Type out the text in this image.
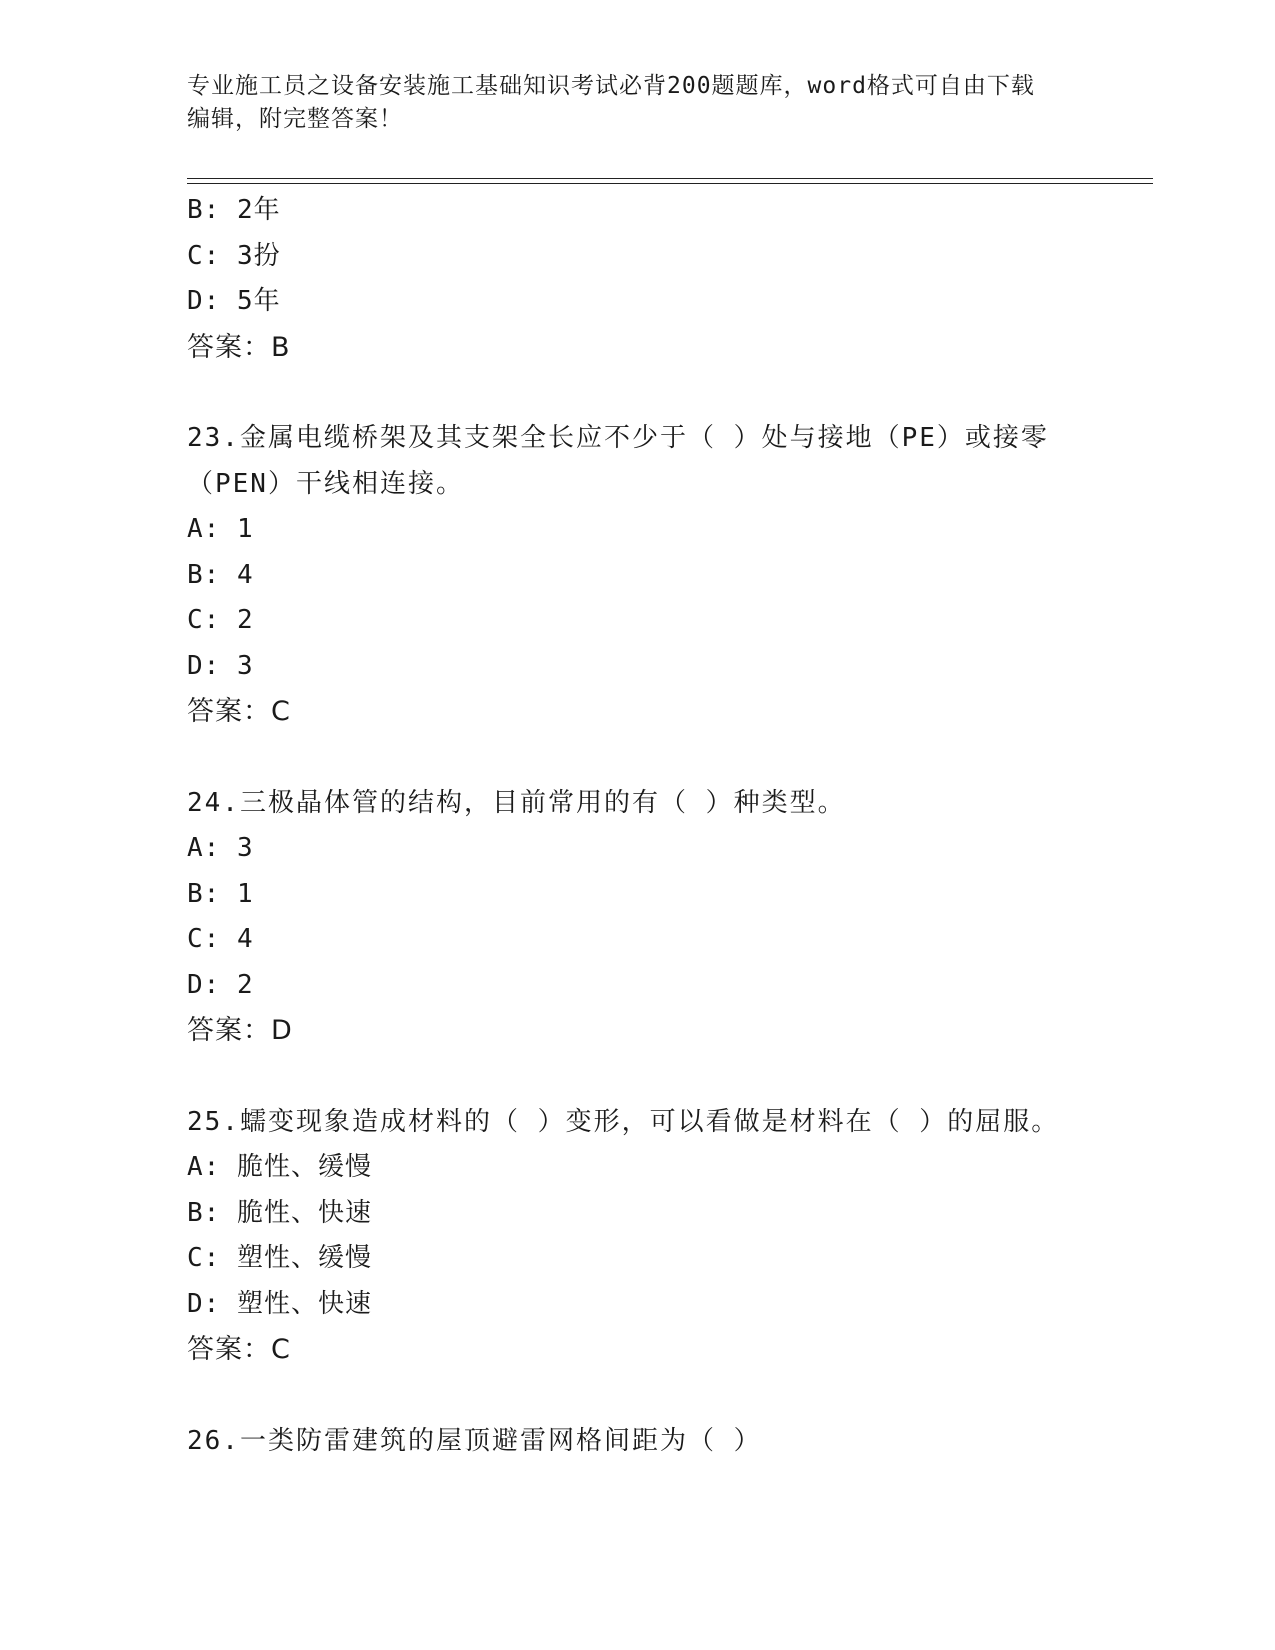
专业施工员之设备安装施工基础知识考试必背200题题库，word格式可自由下载
编辑，附完整答案！
B: 2年
C: 3扮
D: 5年
答案：B
23.金属电缆桥架及其支架全长应不少于（ ）处与接地（PE）或接零
（PEN）干线相连接。
A: 1
B: 4
C: 2
D: 3
答案：C
24.三极晶体管的结构，目前常用的有（ ）种类型。
A: 3
B: 1
C: 4
D: 2
答案：D
25.蠕变现象造成材料的（ ）变形，可以看做是材料在（ ）的屈服。
A: 脆性、缓慢
B: 脆性、快速
C: 塑性、缓慢
D: 塑性、快速
答案：C
26.一类防雷建筑的屋顶避雷网格间距为（ ）
